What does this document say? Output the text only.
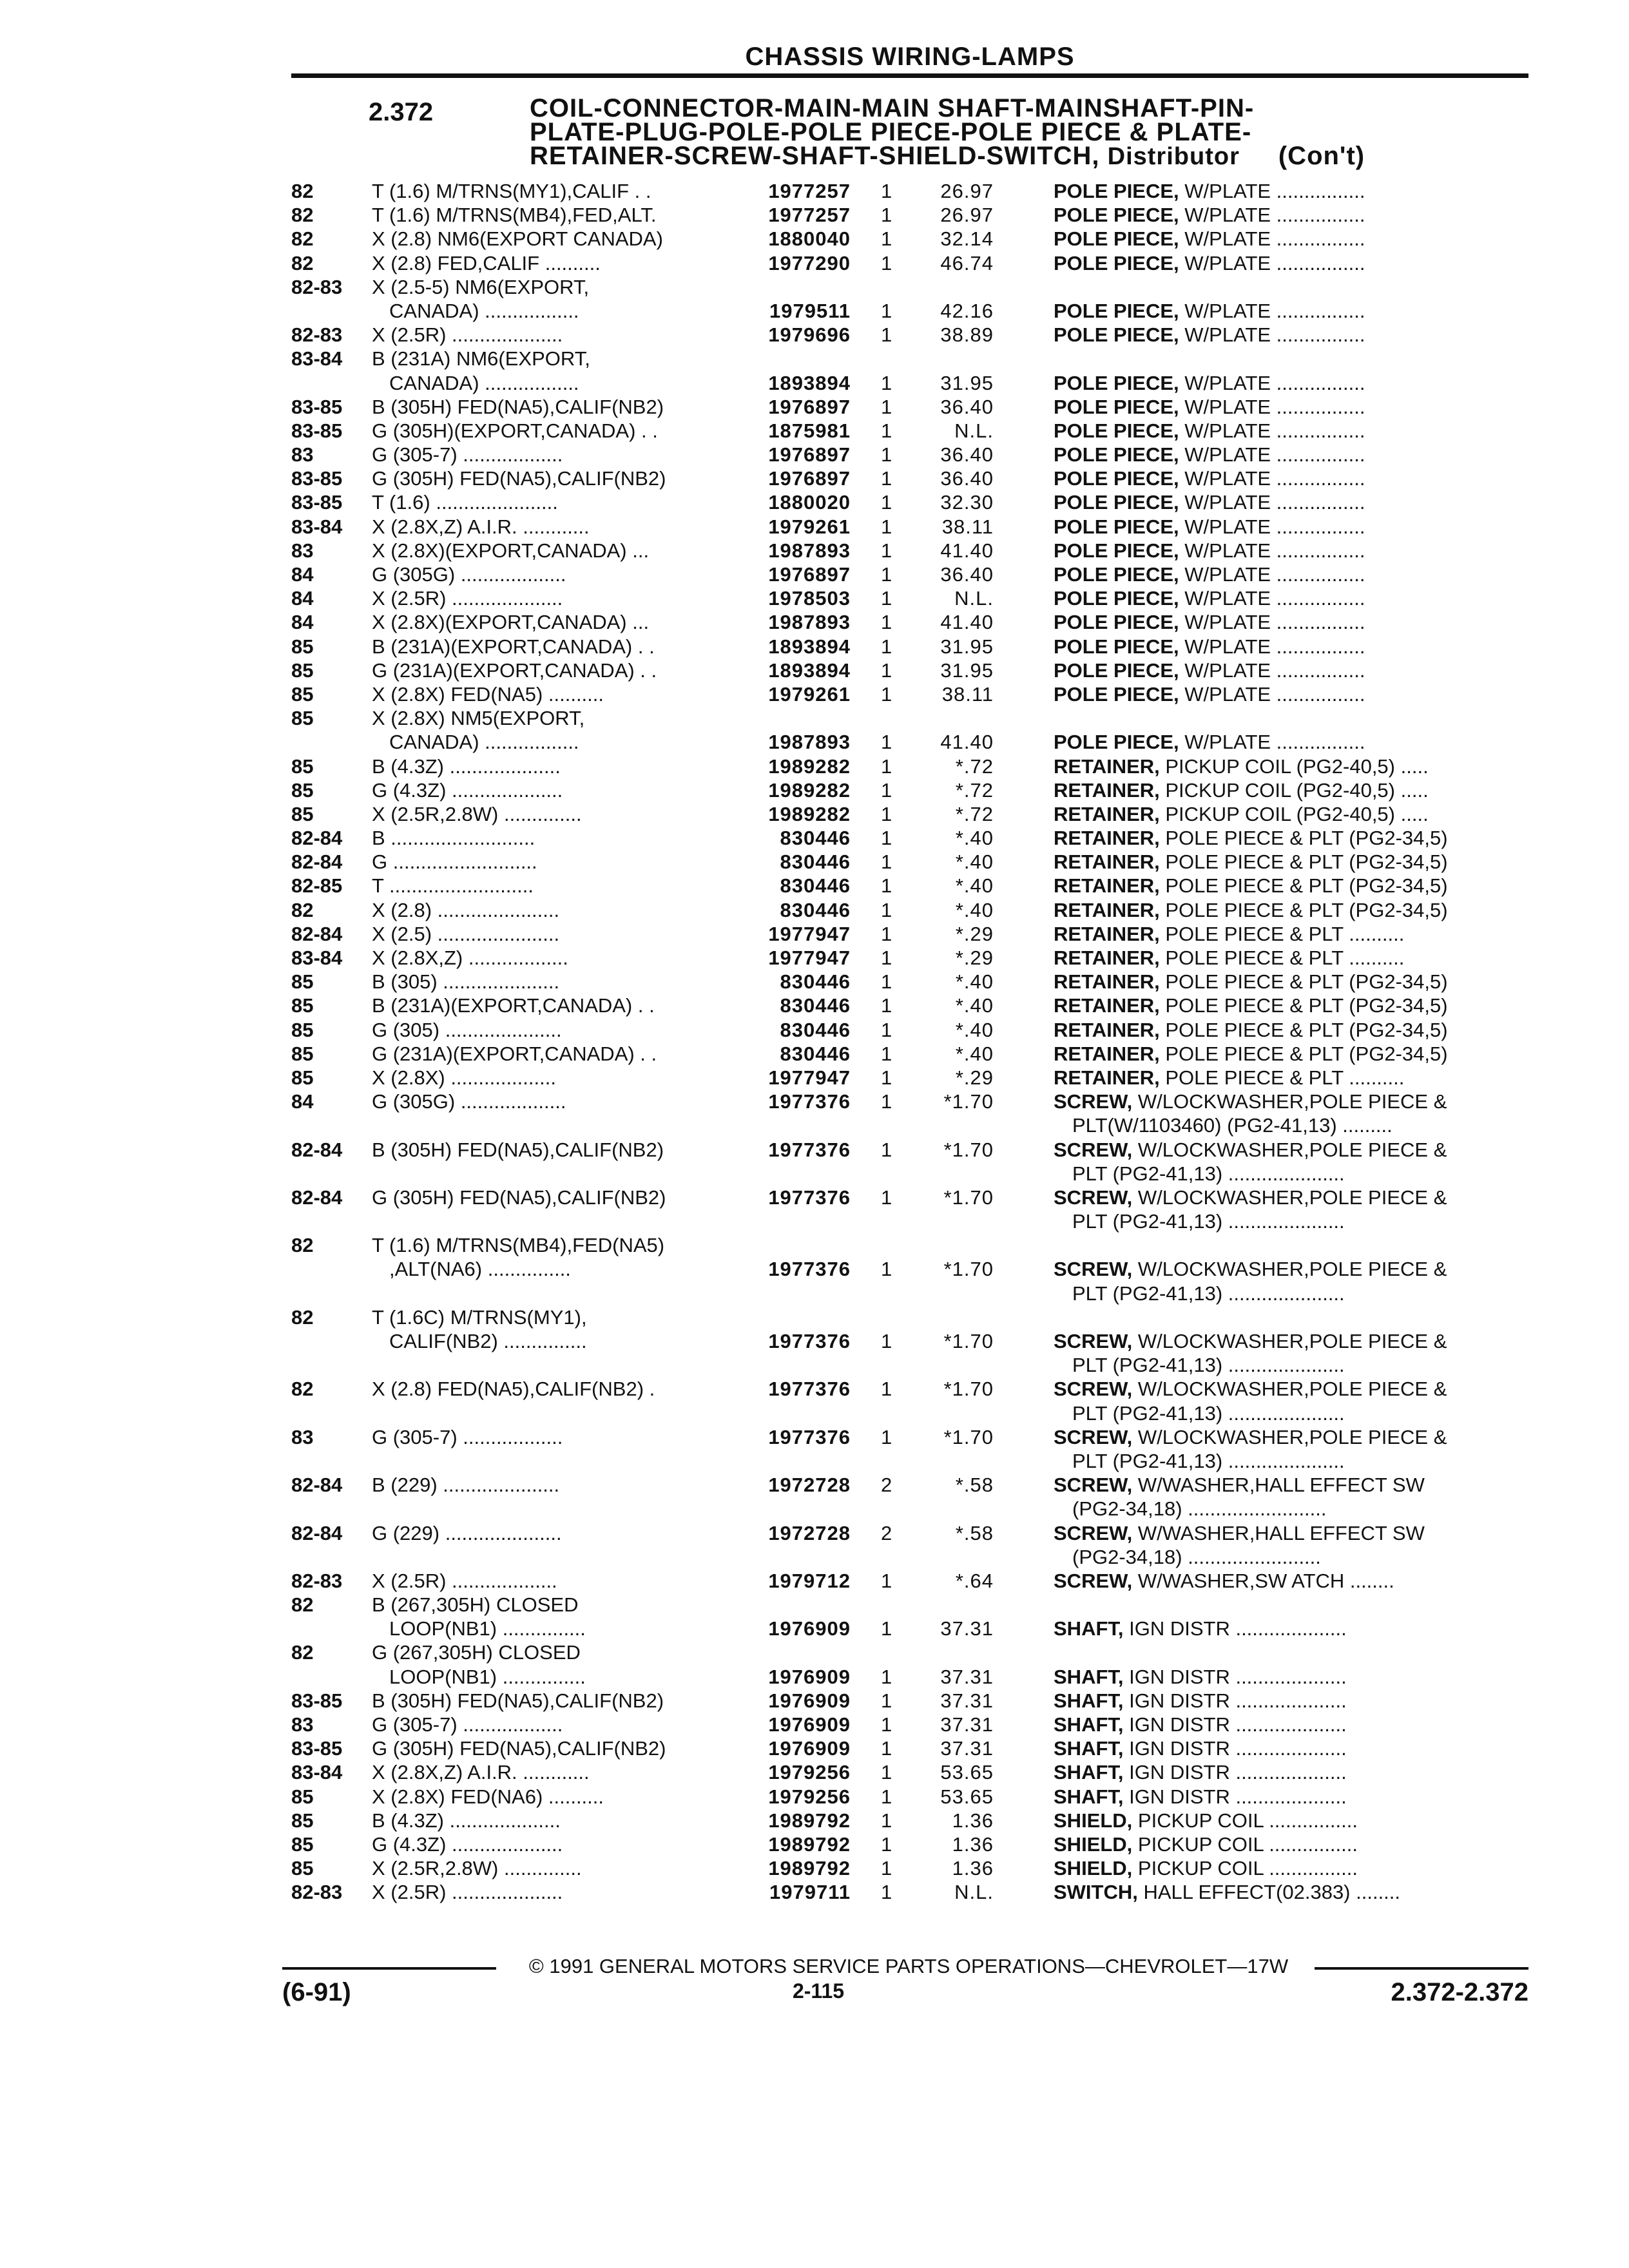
CHASSIS WIRING-LAMPS
2.372	COIL-CONNECTOR-MAIN-MAIN SHAFT-MAINSHAFT-PIN-
PLATE-PLUG-POLE-POLE PIECE-POLE PIECE & PLATE-
RETAINER-SCREW-SHAFT-SHIELD-SWITCH, Distributor (Con't)
82	T (1.6) M/TRNS(MY1),CALIF . .	1977257 1	26.97	POLE PIECE, W/PLATE ................
82	T (1.6) M/TRNS(MB4),FED,ALT.	1977257 1	26.97	POLE PIECE, W/PLATE ................
82	X (2.8) NM6(EXPORT CANADA)	1880040 1	32.14	POLE PIECE, W/PLATE ................
82	X (2.8) FED,CALIF ..........	1977290 1	46.74	POLE PIECE, W/PLATE ................
82-83 X (2.5-5) NM6(EXPORT,
CANADA) .................	1979511 1	42.16	POLE PIECE, W/PLATE ................
82-83 X (2.5R) ....................	1979696 1	38.89	POLE PIECE, W/PLATE ................
83-84 B (231A) NM6(EXPORT,
CANADA) .................	1893894 1	31.95	POLE PIECE, W/PLATE ................
83-85 B (305H) FED(NA5),CALIF(NB2)	1976897 1	36.40	POLE PIECE, W/PLATE ................
83-85 G (305H)(EXPORT,CANADA) . .	1875981 1	N.L.	POLE PIECE, W/PLATE ................
83	G (305-7) ..................	1976897 1	36.40	POLE PIECE, W/PLATE ................
83-85 G (305H) FED(NA5),CALIF(NB2)	1976897 1	36.40	POLE PIECE, W/PLATE ................
83-85 T (1.6) ......................	1880020 1	32.30	POLE PIECE, W/PLATE ................
83-84 X (2.8X,Z) A.I.R. ............	1979261 1	38.11	POLE PIECE, W/PLATE ................
83	X (2.8X)(EXPORT,CANADA) ...	1987893 1	41.40	POLE PIECE, W/PLATE ................
84	G (305G) ...................	1976897 1	36.40	POLE PIECE, W/PLATE ................
84	X (2.5R) ....................	1978503 1	N.L.	POLE PIECE, W/PLATE ................
84	X (2.8X)(EXPORT,CANADA) ...	1987893 1	41.40	POLE PIECE, W/PLATE ................
85	B (231A)(EXPORT,CANADA) . .	1893894 1	31.95	POLE PIECE, W/PLATE ................
85	G (231A)(EXPORT,CANADA) . .	1893894 1	31.95	POLE PIECE, W/PLATE ................
85	X (2.8X) FED(NA5) ..........	1979261 1	38.11	POLE PIECE, W/PLATE ................
85	X (2.8X) NM5(EXPORT,
CANADA) .................	1987893 1	41.40	POLE PIECE, W/PLATE ................
85	B (4.3Z) ....................	1989282 1	*.72	RETAINER, PICKUP COIL (PG2-40,5) .....
85	G (4.3Z) ....................	1989282 1	*.72	RETAINER, PICKUP COIL (PG2-40,5) .....
85	X (2.5R,2.8W) ..............	1989282 1	*.72	RETAINER, PICKUP COIL (PG2-40,5) .....
82-84 B ..........................	830446 1	*.40	RETAINER, POLE PIECE & PLT (PG2-34,5)
82-84 G ..........................	830446 1	*.40	RETAINER, POLE PIECE & PLT (PG2-34,5)
82-85 T ..........................	830446 1	*.40	RETAINER, POLE PIECE & PLT (PG2-34,5)
82	X (2.8) ......................	830446 1	*.40	RETAINER, POLE PIECE & PLT (PG2-34,5)
82-84 X (2.5) ......................	1977947 1	*.29	RETAINER, POLE PIECE & PLT ..........
83-84 X (2.8X,Z) ..................	1977947 1	*.29	RETAINER, POLE PIECE & PLT ..........
85	B (305) .....................	830446 1	*.40	RETAINER, POLE PIECE & PLT (PG2-34,5)
85	B (231A)(EXPORT,CANADA) . .	830446 1	*.40	RETAINER, POLE PIECE & PLT (PG2-34,5)
85	G (305) .....................	830446 1	*.40	RETAINER, POLE PIECE & PLT (PG2-34,5)
85	G (231A)(EXPORT,CANADA) . .	830446 1	*.40	RETAINER, POLE PIECE & PLT (PG2-34,5)
85	X (2.8X) ...................	1977947 1	*.29	RETAINER, POLE PIECE & PLT ..........
84	G (305G) ...................	1977376 1	*1.70	SCREW, W/LOCKWASHER,POLE PIECE &
PLT(W/1103460) (PG2-41,13) .........
82-84 B (305H) FED(NA5),CALIF(NB2)	1977376 1	*1.70	SCREW, W/LOCKWASHER,POLE PIECE &
PLT (PG2-41,13) .....................
82-84 G (305H) FED(NA5),CALIF(NB2)	1977376 1	*1.70	SCREW, W/LOCKWASHER,POLE PIECE &
PLT (PG2-41,13) .....................
82	T (1.6) M/TRNS(MB4),FED(NA5)
,ALT(NA6) ...............	1977376 1	*1.70	SCREW, W/LOCKWASHER,POLE PIECE &
PLT (PG2-41,13) .....................
82	T (1.6C) M/TRNS(MY1),
CALIF(NB2) ...............	1977376 1	*1.70	SCREW, W/LOCKWASHER,POLE PIECE &
PLT (PG2-41,13) .....................
82	X (2.8) FED(NA5),CALIF(NB2) .	1977376 1	*1.70	SCREW, W/LOCKWASHER,POLE PIECE &
PLT (PG2-41,13) .....................
83	G (305-7) ..................	1977376 1	*1.70	SCREW, W/LOCKWASHER,POLE PIECE &
PLT (PG2-41,13) .....................
82-84 B (229) .....................	1972728 2	*.58	SCREW, W/WASHER,HALL EFFECT SW
(PG2-34,18) .........................
82-84 G (229) .....................	1972728 2	*.58	SCREW, W/WASHER,HALL EFFECT SW
(PG2-34,18) ........................
82-83 X (2.5R) ...................	1979712 1	*.64	SCREW, W/WASHER,SW ATCH ........
82	B (267,305H) CLOSED
LOOP(NB1) ...............	1976909 1	37.31	SHAFT, IGN DISTR ....................
82	G (267,305H) CLOSED
LOOP(NB1) ...............	1976909 1	37.31	SHAFT, IGN DISTR ....................
83-85 B (305H) FED(NA5),CALIF(NB2)	1976909 1	37.31	SHAFT, IGN DISTR ....................
83	G (305-7) ..................	1976909 1	37.31	SHAFT, IGN DISTR ....................
83-85 G (305H) FED(NA5),CALIF(NB2)	1976909 1	37.31	SHAFT, IGN DISTR ....................
83-84 X (2.8X,Z) A.I.R. ............	1979256 1	53.65	SHAFT, IGN DISTR ....................
85	X (2.8X) FED(NA6) ..........	1979256 1	53.65	SHAFT, IGN DISTR ....................
85	B (4.3Z) ....................	1989792 1	1.36	SHIELD, PICKUP COIL ................
85	G (4.3Z) ....................	1989792 1	1.36	SHIELD, PICKUP COIL ................
85	X (2.5R,2.8W) ..............	1989792 1	1.36	SHIELD, PICKUP COIL ................
82-83 X (2.5R) ....................	1979711 1	N.L.	SWITCH, HALL EFFECT(02.383) ........
© 1991 GENERAL MOTORS SERVICE PARTS OPERATIONS—CHEVROLET—17W
(6-91)	2-115	2.372-2.372
